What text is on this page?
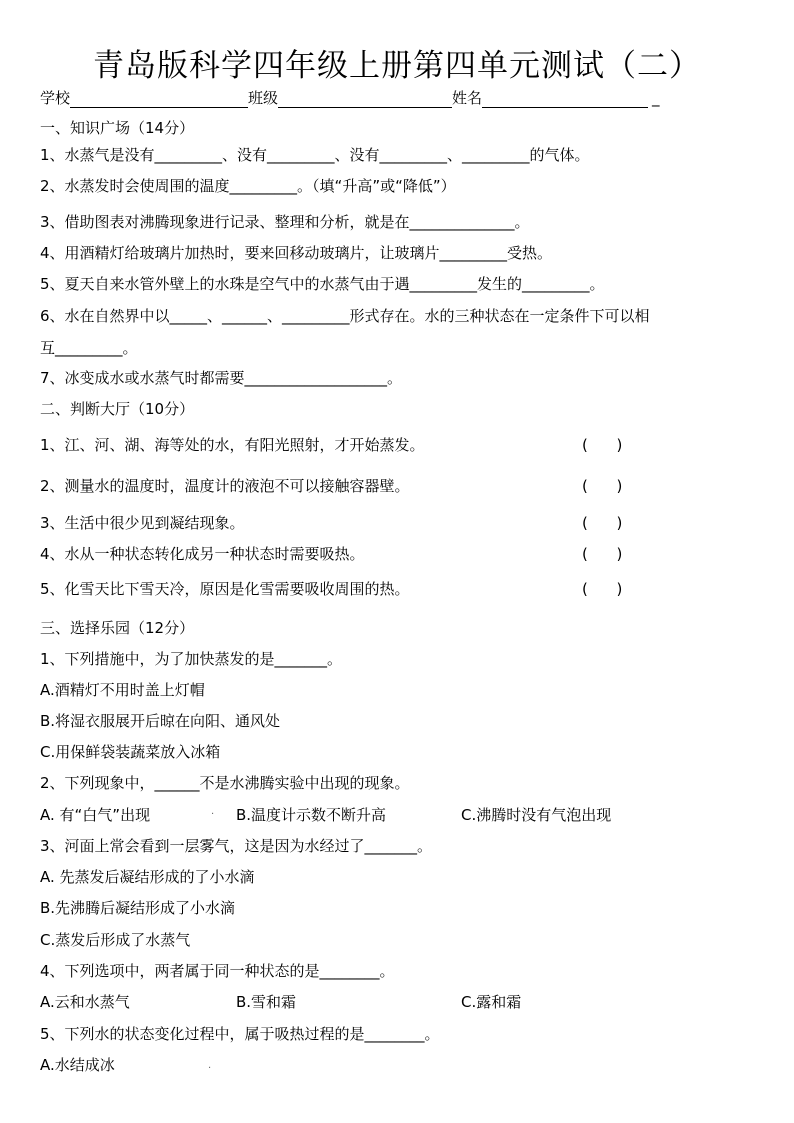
青岛版科学四年级上册第四单元测试（二）
学校	班级	姓名	_
一、知识广场（14分）
1、水蒸气是没有_________、没有_________、没有_________、_________的气体。
2、水蒸发时会使周围的温度_________。（填“升高”或“降低”）
3、借助图表对沸腾现象进行记录、整理和分析，就是在______________。
4、用酒精灯给玻璃片加热时，要来回移动玻璃片，让玻璃片_________受热。
5、夏天自来水管外壁上的水珠是空气中的水蒸气由于遇_________发生的_________。
6、水在自然界中以_____、______、_________形式存在。水的三种状态在一定条件下可以相
互_________。
7、冰变成水或水蒸气时都需要___________________。
二、判断大厅（10分）
1、江、河、湖、海等处的水，有阳光照射，才开始蒸发。	(      )
2、测量水的温度时，温度计的液泡不可以接触容器壁。	(      )
3、生活中很少见到凝结现象。	(      )
4、水从一种状态转化成另一种状态时需要吸热。	(      )
5、化雪天比下雪天冷，原因是化雪需要吸收周围的热。	(      )
三、选择乐园（12分）
1、下列措施中，为了加快蒸发的是_______。
A.酒精灯不用时盖上灯帽
B.将湿衣服展开后晾在向阳、通风处
C.用保鲜袋装蔬菜放入冰箱
2、下列现象中，______不是水沸腾实验中出现的现象。
A. 有“白气”出现	· B.温度计示数不断升高	C.沸腾时没有气泡出现
3、河面上常会看到一层雾气，这是因为水经过了_______。
A. 先蒸发后凝结形成的了小水滴
B.先沸腾后凝结形成了小水滴
C.蒸发后形成了水蒸气
4、下列选项中，两者属于同一种状态的是________。
A.云和水蒸气	B.雪和霜	C.露和霜
5、下列水的状态变化过程中，属于吸热过程的是________。
A.水结成冰	·
